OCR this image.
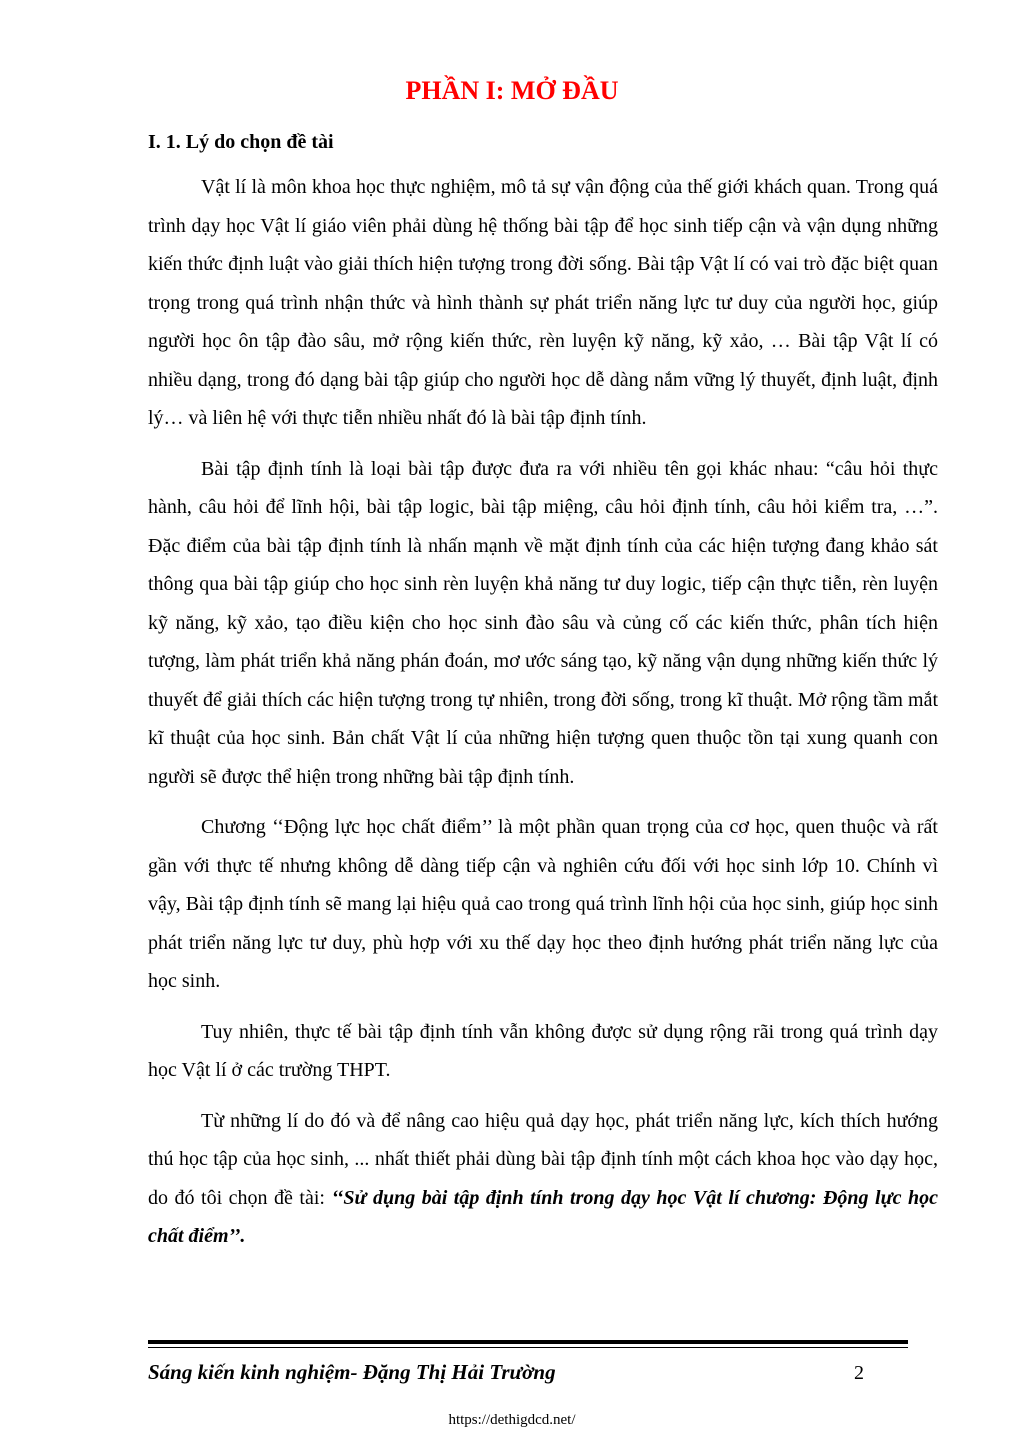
PHẦN I: MỞ ĐẦU
I. 1. Lý do chọn đề tài

Vật lí là môn khoa học thực nghiệm, mô tả sự vận động của thế giới khách quan. Trong quá trình dạy học Vật lí giáo viên phải dùng hệ thống bài tập để học sinh tiếp cận và vận dụng những kiến thức định luật vào giải thích hiện tượng trong đời sống. Bài tập Vật lí có vai trò đặc biệt quan trọng trong quá trình nhận thức và hình thành sự phát triển năng lực tư duy của người học, giúp người học ôn tập đào sâu, mở rộng kiến thức, rèn luyện kỹ năng, kỹ xảo, … Bài tập Vật lí có nhiều dạng, trong đó dạng bài tập giúp cho người học dễ dàng nắm vững lý thuyết, định luật, định lý… và liên hệ với thực tiễn nhiều nhất đó là bài tập định tính.

Bài tập định tính là loại bài tập được đưa ra với nhiều tên gọi khác nhau: “câu hỏi thực hành, câu hỏi để lĩnh hội, bài tập logic, bài tập miệng, câu hỏi định tính, câu hỏi kiểm tra, …”. Đặc điểm của bài tập định tính là nhấn mạnh về mặt định tính của các hiện tượng đang khảo sát thông qua bài tập giúp cho học sinh rèn luyện khả năng tư duy logic, tiếp cận thực tiễn, rèn luyện kỹ năng, kỹ xảo, tạo điều kiện cho học sinh đào sâu và củng cố các kiến thức, phân tích hiện tượng, làm phát triển khả năng phán đoán, mơ ước sáng tạo, kỹ năng vận dụng những kiến thức lý thuyết để giải thích các hiện tượng trong tự nhiên, trong đời sống, trong kĩ thuật. Mở rộng tầm mắt kĩ thuật của học sinh. Bản chất Vật lí của những hiện tượng quen thuộc tồn tại xung quanh con người sẽ được thể hiện trong những bài tập định tính.

Chương ‘‘Động lực học chất điểm’’ là một phần quan trọng của cơ học, quen thuộc và rất gần với thực tế nhưng không dễ dàng tiếp cận và nghiên cứu đối với học sinh lớp 10. Chính vì vậy, Bài tập định tính sẽ mang lại hiệu quả cao trong quá trình lĩnh hội của học sinh, giúp học sinh phát triển năng lực tư duy, phù hợp với xu thế dạy học theo định hướng phát triển năng lực của học sinh.

Tuy nhiên, thực tế bài tập định tính vẫn không được sử dụng rộng rãi trong quá trình dạy học Vật lí ở các trường THPT.

Từ những lí do đó và để nâng cao hiệu quả dạy học, phát triển năng lực, kích thích hướng thú học tập của học sinh, ... nhất thiết phải dùng bài tập định tính một cách khoa học vào dạy học, do đó tôi chọn đề tài: ‘‘Sử dụng bài tập định tính trong dạy học Vật lí chương: Động lực học chất điểm’’.

Sáng kiến kinh nghiệm- Đặng Thị Hải Trường	2

https://dethigdcd.net/
